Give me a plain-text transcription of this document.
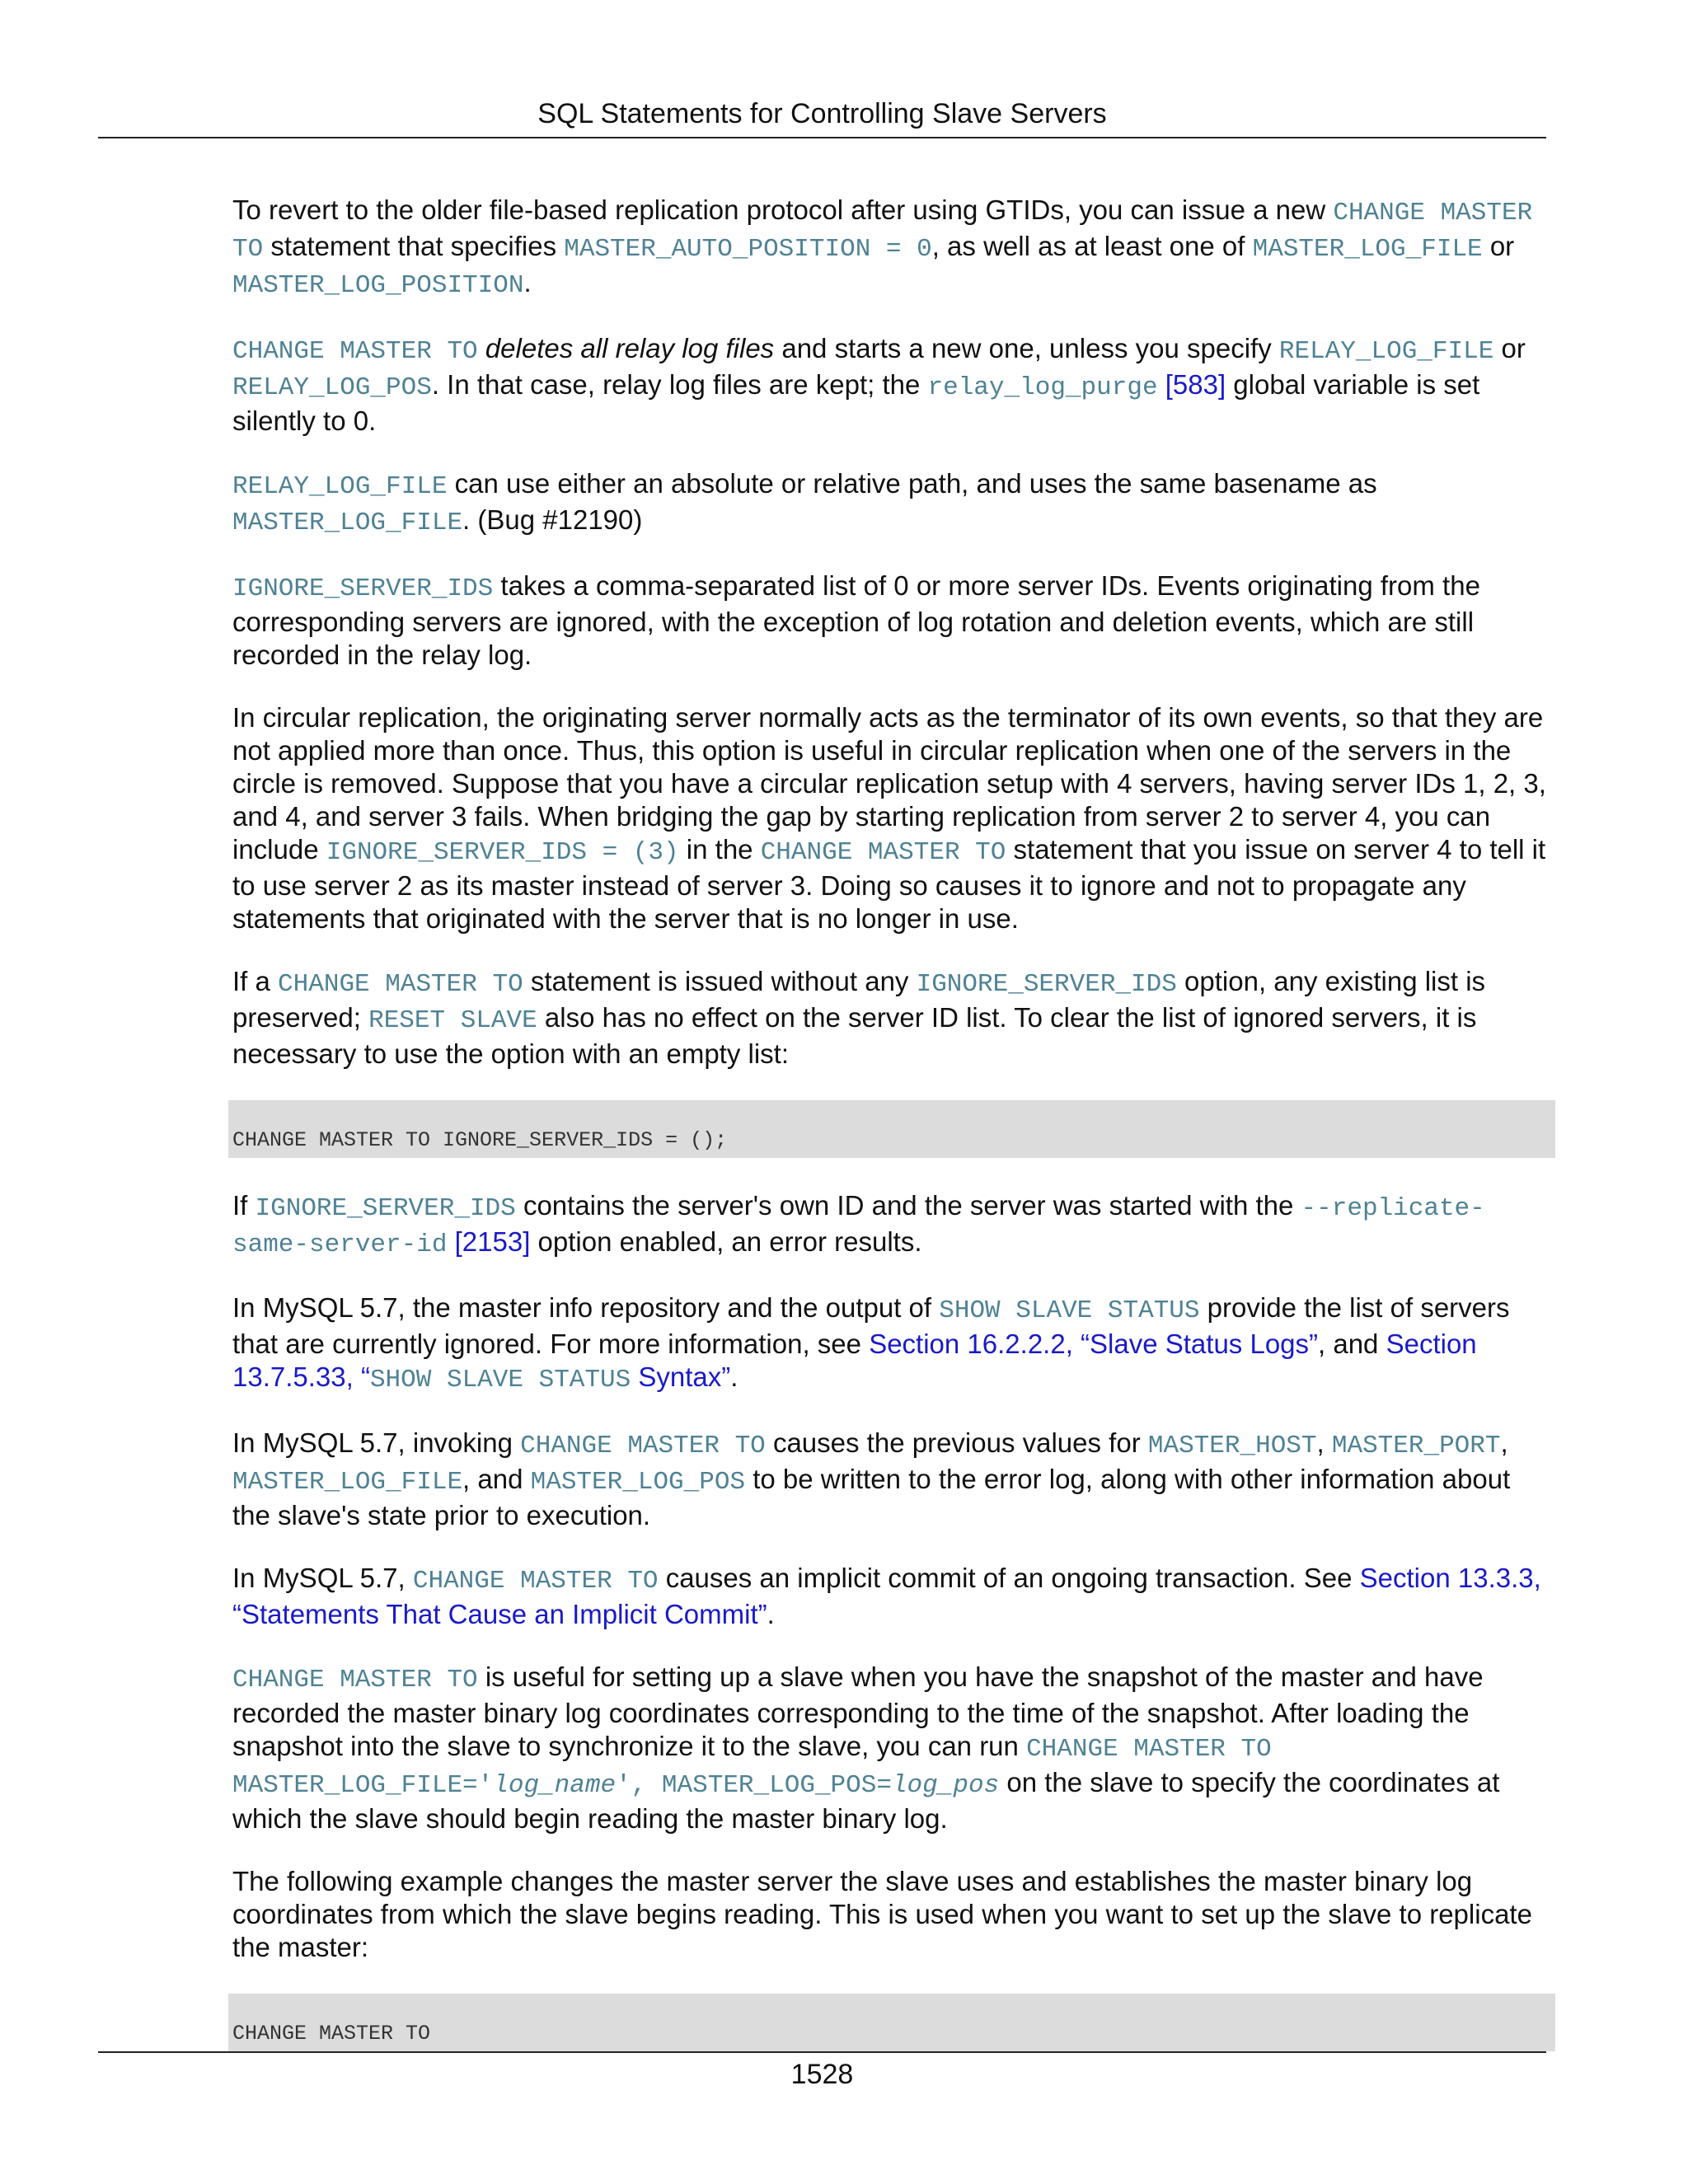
SQL Statements for Controlling Slave Servers

To revert to the older file-based replication protocol after using GTIDs, you can issue a new CHANGE MASTER TO statement that specifies MASTER_AUTO_POSITION = 0, as well as at least one of MASTER_LOG_FILE or MASTER_LOG_POSITION.

CHANGE MASTER TO deletes all relay log files and starts a new one, unless you specify RELAY_LOG_FILE or RELAY_LOG_POS. In that case, relay log files are kept; the relay_log_purge [583] global variable is set silently to 0.

RELAY_LOG_FILE can use either an absolute or relative path, and uses the same basename as MASTER_LOG_FILE. (Bug #12190)

IGNORE_SERVER_IDS takes a comma-separated list of 0 or more server IDs. Events originating from the corresponding servers are ignored, with the exception of log rotation and deletion events, which are still recorded in the relay log.

In circular replication, the originating server normally acts as the terminator of its own events, so that they are not applied more than once. Thus, this option is useful in circular replication when one of the servers in the circle is removed. Suppose that you have a circular replication setup with 4 servers, having server IDs 1, 2, 3, and 4, and server 3 fails. When bridging the gap by starting replication from server 2 to server 4, you can include IGNORE_SERVER_IDS = (3) in the CHANGE MASTER TO statement that you issue on server 4 to tell it to use server 2 as its master instead of server 3. Doing so causes it to ignore and not to propagate any statements that originated with the server that is no longer in use.

If a CHANGE MASTER TO statement is issued without any IGNORE_SERVER_IDS option, any existing list is preserved; RESET SLAVE also has no effect on the server ID list. To clear the list of ignored servers, it is necessary to use the option with an empty list:

CHANGE MASTER TO IGNORE_SERVER_IDS = ();

If IGNORE_SERVER_IDS contains the server's own ID and the server was started with the --replicate-same-server-id [2153] option enabled, an error results.

In MySQL 5.7, the master info repository and the output of SHOW SLAVE STATUS provide the list of servers that are currently ignored. For more information, see Section 16.2.2.2, “Slave Status Logs”, and Section 13.7.5.33, “SHOW SLAVE STATUS Syntax”.

In MySQL 5.7, invoking CHANGE MASTER TO causes the previous values for MASTER_HOST, MASTER_PORT, MASTER_LOG_FILE, and MASTER_LOG_POS to be written to the error log, along with other information about the slave's state prior to execution.

In MySQL 5.7, CHANGE MASTER TO causes an implicit commit of an ongoing transaction. See Section 13.3.3, “Statements That Cause an Implicit Commit”.

CHANGE MASTER TO is useful for setting up a slave when you have the snapshot of the master and have recorded the master binary log coordinates corresponding to the time of the snapshot. After loading the snapshot into the slave to synchronize it to the slave, you can run CHANGE MASTER TO MASTER_LOG_FILE='log_name', MASTER_LOG_POS=log_pos on the slave to specify the coordinates at which the slave should begin reading the master binary log.

The following example changes the master server the slave uses and establishes the master binary log coordinates from which the slave begins reading. This is used when you want to set up the slave to replicate the master:

CHANGE MASTER TO
1528
